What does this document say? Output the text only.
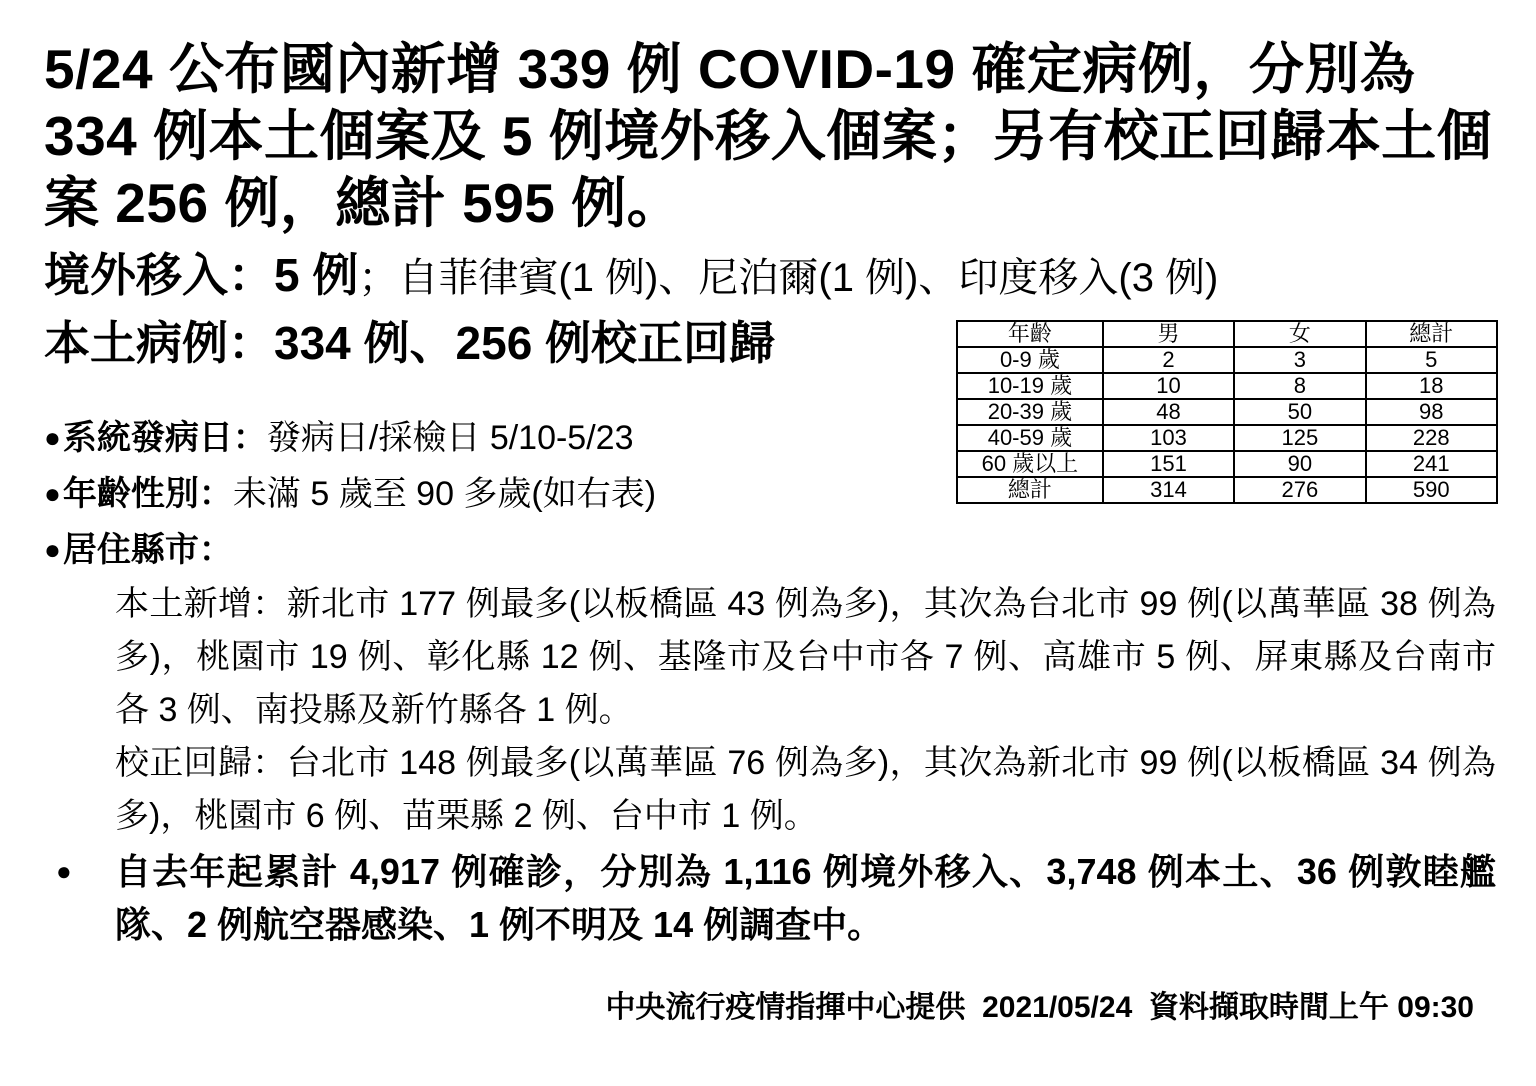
5/24 公布國內新增 339 例 COVID-19 確定病例，分別為 334 例本土個案及 5 例境外移入個案；另有校正回歸本土個案 256 例，總計 595 例。
境外移入：5 例；自菲律賓(1 例)、尼泊爾(1 例)、印度移入(3 例)
本土病例：334 例、256 例校正回歸	年齡	男	女	總計
0-9 歲	2	3	5
10-19 歲	10	8	18
20-39 歲	48	50	98
40-59 歲	103	125	228
60 歲以上	151	90	241
總計	314	276	590
●系統發病日：發病日/採檢日 5/10-5/23
●年齡性別：未滿 5 歲至 90 多歲(如右表)
●居住縣市：
本土新增：新北市 177 例最多(以板橋區 43 例為多)，其次為台北市 99 例(以萬華區 38 例為多)，桃園市 19 例、彰化縣 12 例、基隆市及台中市各 7 例、高雄市 5 例、屏東縣及台南市各 3 例、南投縣及新竹縣各 1 例。
校正回歸：台北市 148 例最多(以萬華區 76 例為多)，其次為新北市 99 例(以板橋區 34 例為多)，桃園市 6 例、苗栗縣 2 例、台中市 1 例。
●	自去年起累計 4,917 例確診，分別為 1,116 例境外移入、3,748 例本土、36 例敦睦艦隊、2 例航空器感染、1 例不明及 14 例調查中。
中央流行疫情指揮中心提供  2021/05/24  資料擷取時間上午 09:30
